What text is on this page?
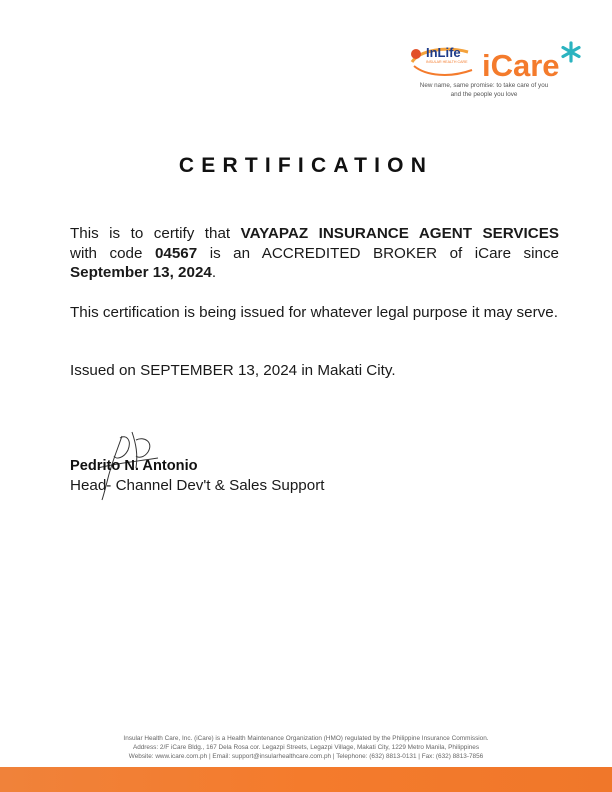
InLife
INSULAR HEALTH CARE iCare
New name, same promise: to take care of you
and the people you love
CERTIFICATION
This is to certify that VAYAPAZ INSURANCE AGENT SERVICES
with code 04567 is an ACCREDITED BROKER of iCare since
September 13, 2024.
This certification is being issued for whatever legal purpose it may serve.
Issued on SEPTEMBER 13, 2024 in Makati City.
Pedrito N. Antonio
Head- Channel Dev't & Sales Support
Insular Health Care, Inc. (iCare) is a Health Maintenance Organization (HMO) regulated by the Philippine Insurance Commission.
Address: 2/F iCare Bldg., 167 Dela Rosa cor. Legazpi Streets, Legazpi Village, Makati City, 1229 Metro Manila, Philippines
Website: www.icare.com.ph | Email: support@insularhealthcare.com.ph | Telephone: (632) 8813-0131 | Fax: (632) 8813-7856
